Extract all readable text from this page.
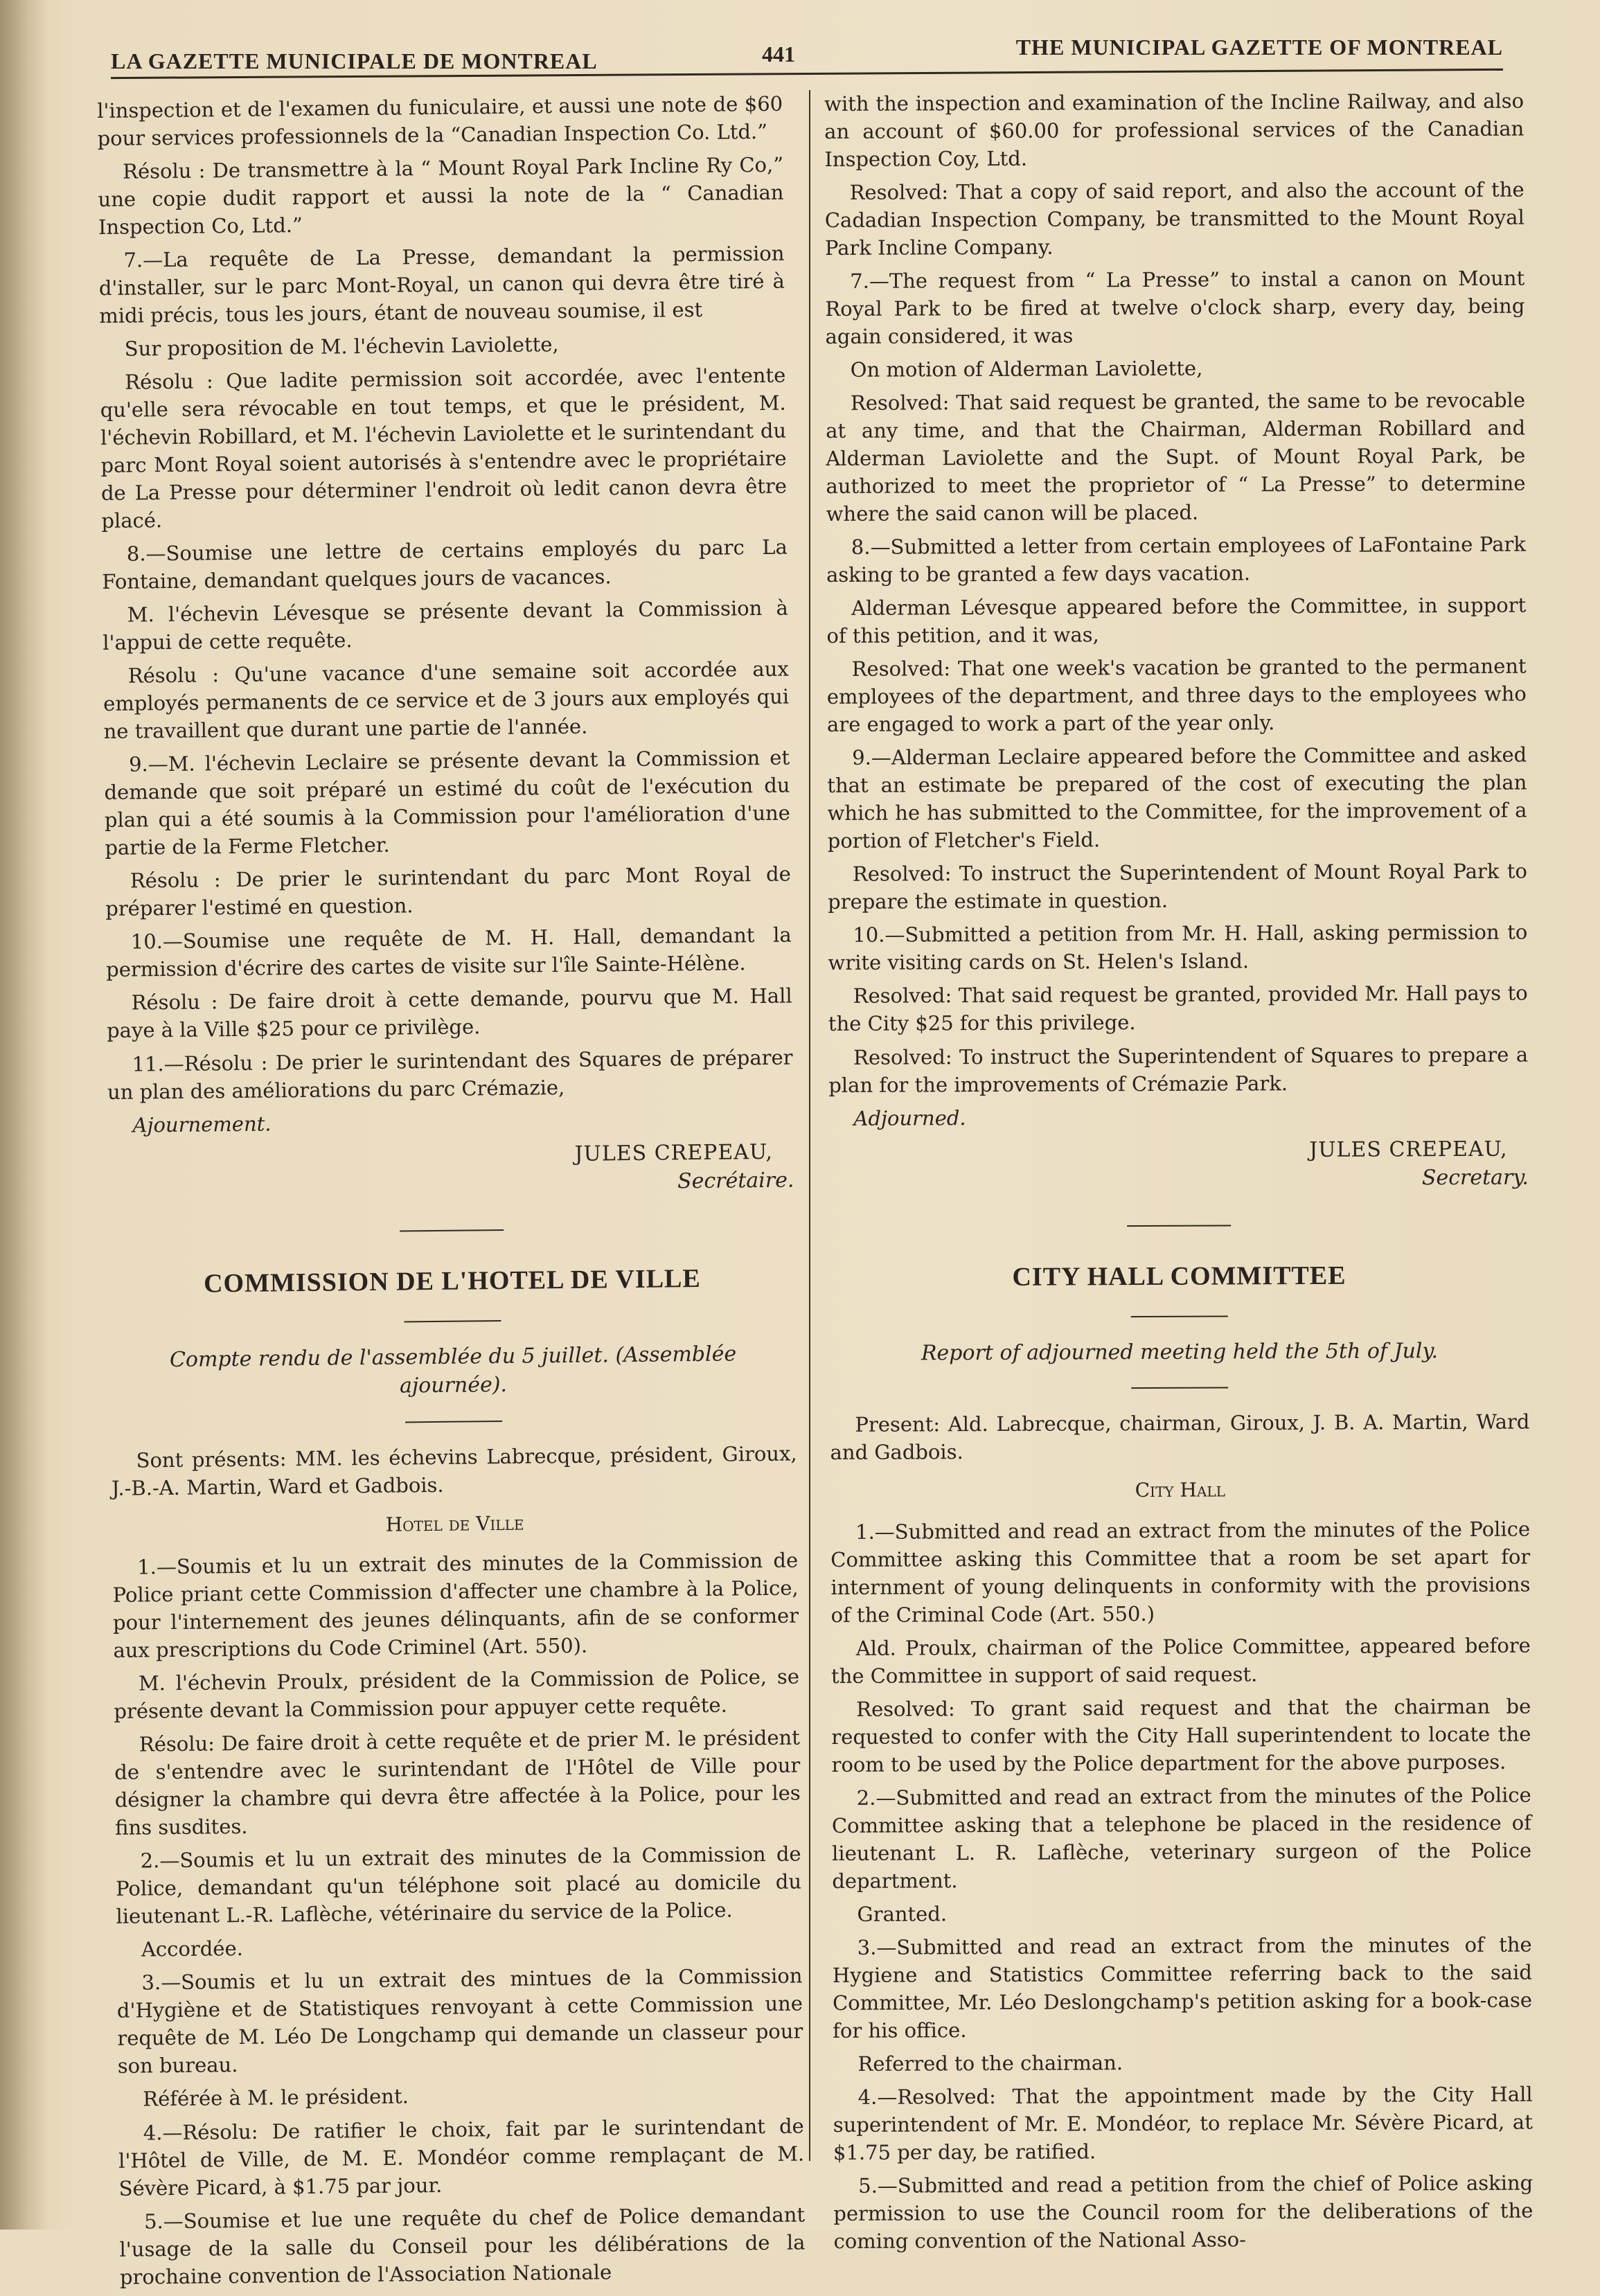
LA GAZETTE MUNICIPALE DE MONTREAL	441	THE MUNICIPAL GAZETTE OF MONTREAL

l'inspection et de l'examen du funiculaire, et aussi une note de $60 pour services professionnels de la “Canadian Inspection Co. Ltd.”

Résolu : De transmettre à la “ Mount Royal Park Incline Ry Co,” une copie dudit rapport et aussi la note de la “ Canadian Inspection Co, Ltd.”

7.—La requête de La Presse, demandant la permission d'installer, sur le parc Mont-Royal, un canon qui devra être tiré à midi précis, tous les jours, étant de nouveau soumise, il est

Sur proposition de M. l'échevin Laviolette,

Résolu : Que ladite permission soit accordée, avec l'entente qu'elle sera révocable en tout temps, et que le président, M. l'échevin Robillard, et M. l'échevin Laviolette et le surintendant du parc Mont Royal soient autorisés à s'entendre avec le propriétaire de La Presse pour déterminer l'endroit où ledit canon devra être placé.

8.—Soumise une lettre de certains employés du parc La Fontaine, demandant quelques jours de vacances.

M. l'échevin Lévesque se présente devant la Commission à l'appui de cette requête.

Résolu : Qu'une vacance d'une semaine soit accordée aux employés permanents de ce service et de 3 jours aux employés qui ne travaillent que durant une partie de l'année.

9.—M. l'échevin Leclaire se présente devant la Commission et demande que soit préparé un estimé du coût de l'exécution du plan qui a été soumis à la Commission pour l'amélioration d'une partie de la Ferme Fletcher.

Résolu : De prier le surintendant du parc Mont Royal de préparer l'estimé en question.

10.—Soumise une requête de M. H. Hall, demandant la permission d'écrire des cartes de visite sur l'île Sainte-Hélène.

Résolu : De faire droit à cette demande, pourvu que M. Hall paye à la Ville $25 pour ce privilège.

11.—Résolu : De prier le surintendant des Squares de préparer un plan des améliorations du parc Crémazie,

Ajournement.

JULES CREPEAU,
Secrétaire.
COMMISSION DE L'HOTEL DE VILLE
Compte rendu de l'assemblée du 5 juillet. (Assemblée ajournée).

Sont présents: MM. les échevins Labrecque, président, Giroux, J.-B.-A. Martin, Ward et Gadbois.

Hotel de Ville

1.—Soumis et lu un extrait des minutes de la Commission de Police priant cette Commission d'affecter une chambre à la Police, pour l'internement des jeunes délinquants, afin de se conformer aux prescriptions du Code Criminel (Art. 550).

M. l'échevin Proulx, président de la Commission de Police, se présente devant la Commission pour appuyer cette requête.

Résolu: De faire droit à cette requête et de prier M. le président de s'entendre avec le surintendant de l'Hôtel de Ville pour désigner la chambre qui devra être affectée à la Police, pour les fins susdites.

2.—Soumis et lu un extrait des minutes de la Commission de Police, demandant qu'un téléphone soit placé au domicile du lieutenant L.-R. Laflèche, vétérinaire du service de la Police.

Accordée.

3.—Soumis et lu un extrait des mintues de la Commission d'Hygiène et de Statistiques renvoyant à cette Commission une requête de M. Léo De Longchamp qui demande un classeur pour son bureau.

Référée à M. le président.

4.—Résolu: De ratifier le choix, fait par le surintendant de l'Hôtel de Ville, de M. E. Mondéor comme remplaçant de M. Sévère Picard, à $1.75 par jour.

5.—Soumise et lue une requête du chef de Police demandant l'usage de la salle du Conseil pour les délibérations de la prochaine convention de l'Association Nationale

with the inspection and examination of the Incline Railway, and also an account of $60.00 for professional services of the Canadian Inspection Coy, Ltd.

Resolved: That a copy of said report, and also the account of the Cadadian Inspection Company, be transmitted to the Mount Royal Park Incline Company.

7.—The request from “ La Presse” to instal a canon on Mount Royal Park to be fired at twelve o'clock sharp, every day, being again considered, it was

On motion of Alderman Laviolette,

Resolved: That said request be granted, the same to be revocable at any time, and that the Chairman, Alderman Robillard and Alderman Laviolette and the Supt. of Mount Royal Park, be authorized to meet the proprietor of “ La Presse” to determine where the said canon will be placed.

8.—Submitted a letter from certain employees of LaFontaine Park asking to be granted a few days vacation.

Alderman Lévesque appeared before the Committee, in support of this petition, and it was,

Resolved: That one week's vacation be granted to the permanent employees of the department, and three days to the employees who are engaged to work a part of the year only.

9.—Alderman Leclaire appeared before the Committee and asked that an estimate be prepared of the cost of executing the plan which he has submitted to the Committee, for the improvement of a portion of Fletcher's Field.

Resolved: To instruct the Superintendent of Mount Royal Park to prepare the estimate in question.

10.—Submitted a petition from Mr. H. Hall, asking permission to write visiting cards on St. Helen's Island.

Resolved: That said request be granted, provided Mr. Hall pays to the City $25 for this privilege.

Resolved: To instruct the Superintendent of Squares to prepare a plan for the improvements of Crémazie Park.

Adjourned.

JULES CREPEAU,
Secretary.
CITY HALL COMMITTEE
Report of adjourned meeting held the 5th of July.

Present: Ald. Labrecque, chairman, Giroux, J. B. A. Martin, Ward and Gadbois.

City Hall

1.—Submitted and read an extract from the minutes of the Police Committee asking this Committee that a room be set apart for internment of young delinquents in conformity with the provisions of the Criminal Code (Art. 550.)

Ald. Proulx, chairman of the Police Committee, appeared before the Committee in support of said request.

Resolved: To grant said request and that the chairman be requested to confer with the City Hall superintendent to locate the room to be used by the Police department for the above purposes.

2.—Submitted and read an extract from the minutes of the Police Committee asking that a telephone be placed in the residence of lieutenant L. R. Laflèche, veterinary surgeon of the Police department.

Granted.

3.—Submitted and read an extract from the minutes of the Hygiene and Statistics Committee referring back to the said Committee, Mr. Léo Deslongchamp's petition asking for a book-case for his office.

Referred to the chairman.

4.—Resolved: That the appointment made by the City Hall superintendent of Mr. E. Mondéor, to replace Mr. Sévère Picard, at $1.75 per day, be ratified.

5.—Submitted and read a petition from the chief of Police asking permission to use the Council room for the deliberations of the coming convention of the National Asso-
